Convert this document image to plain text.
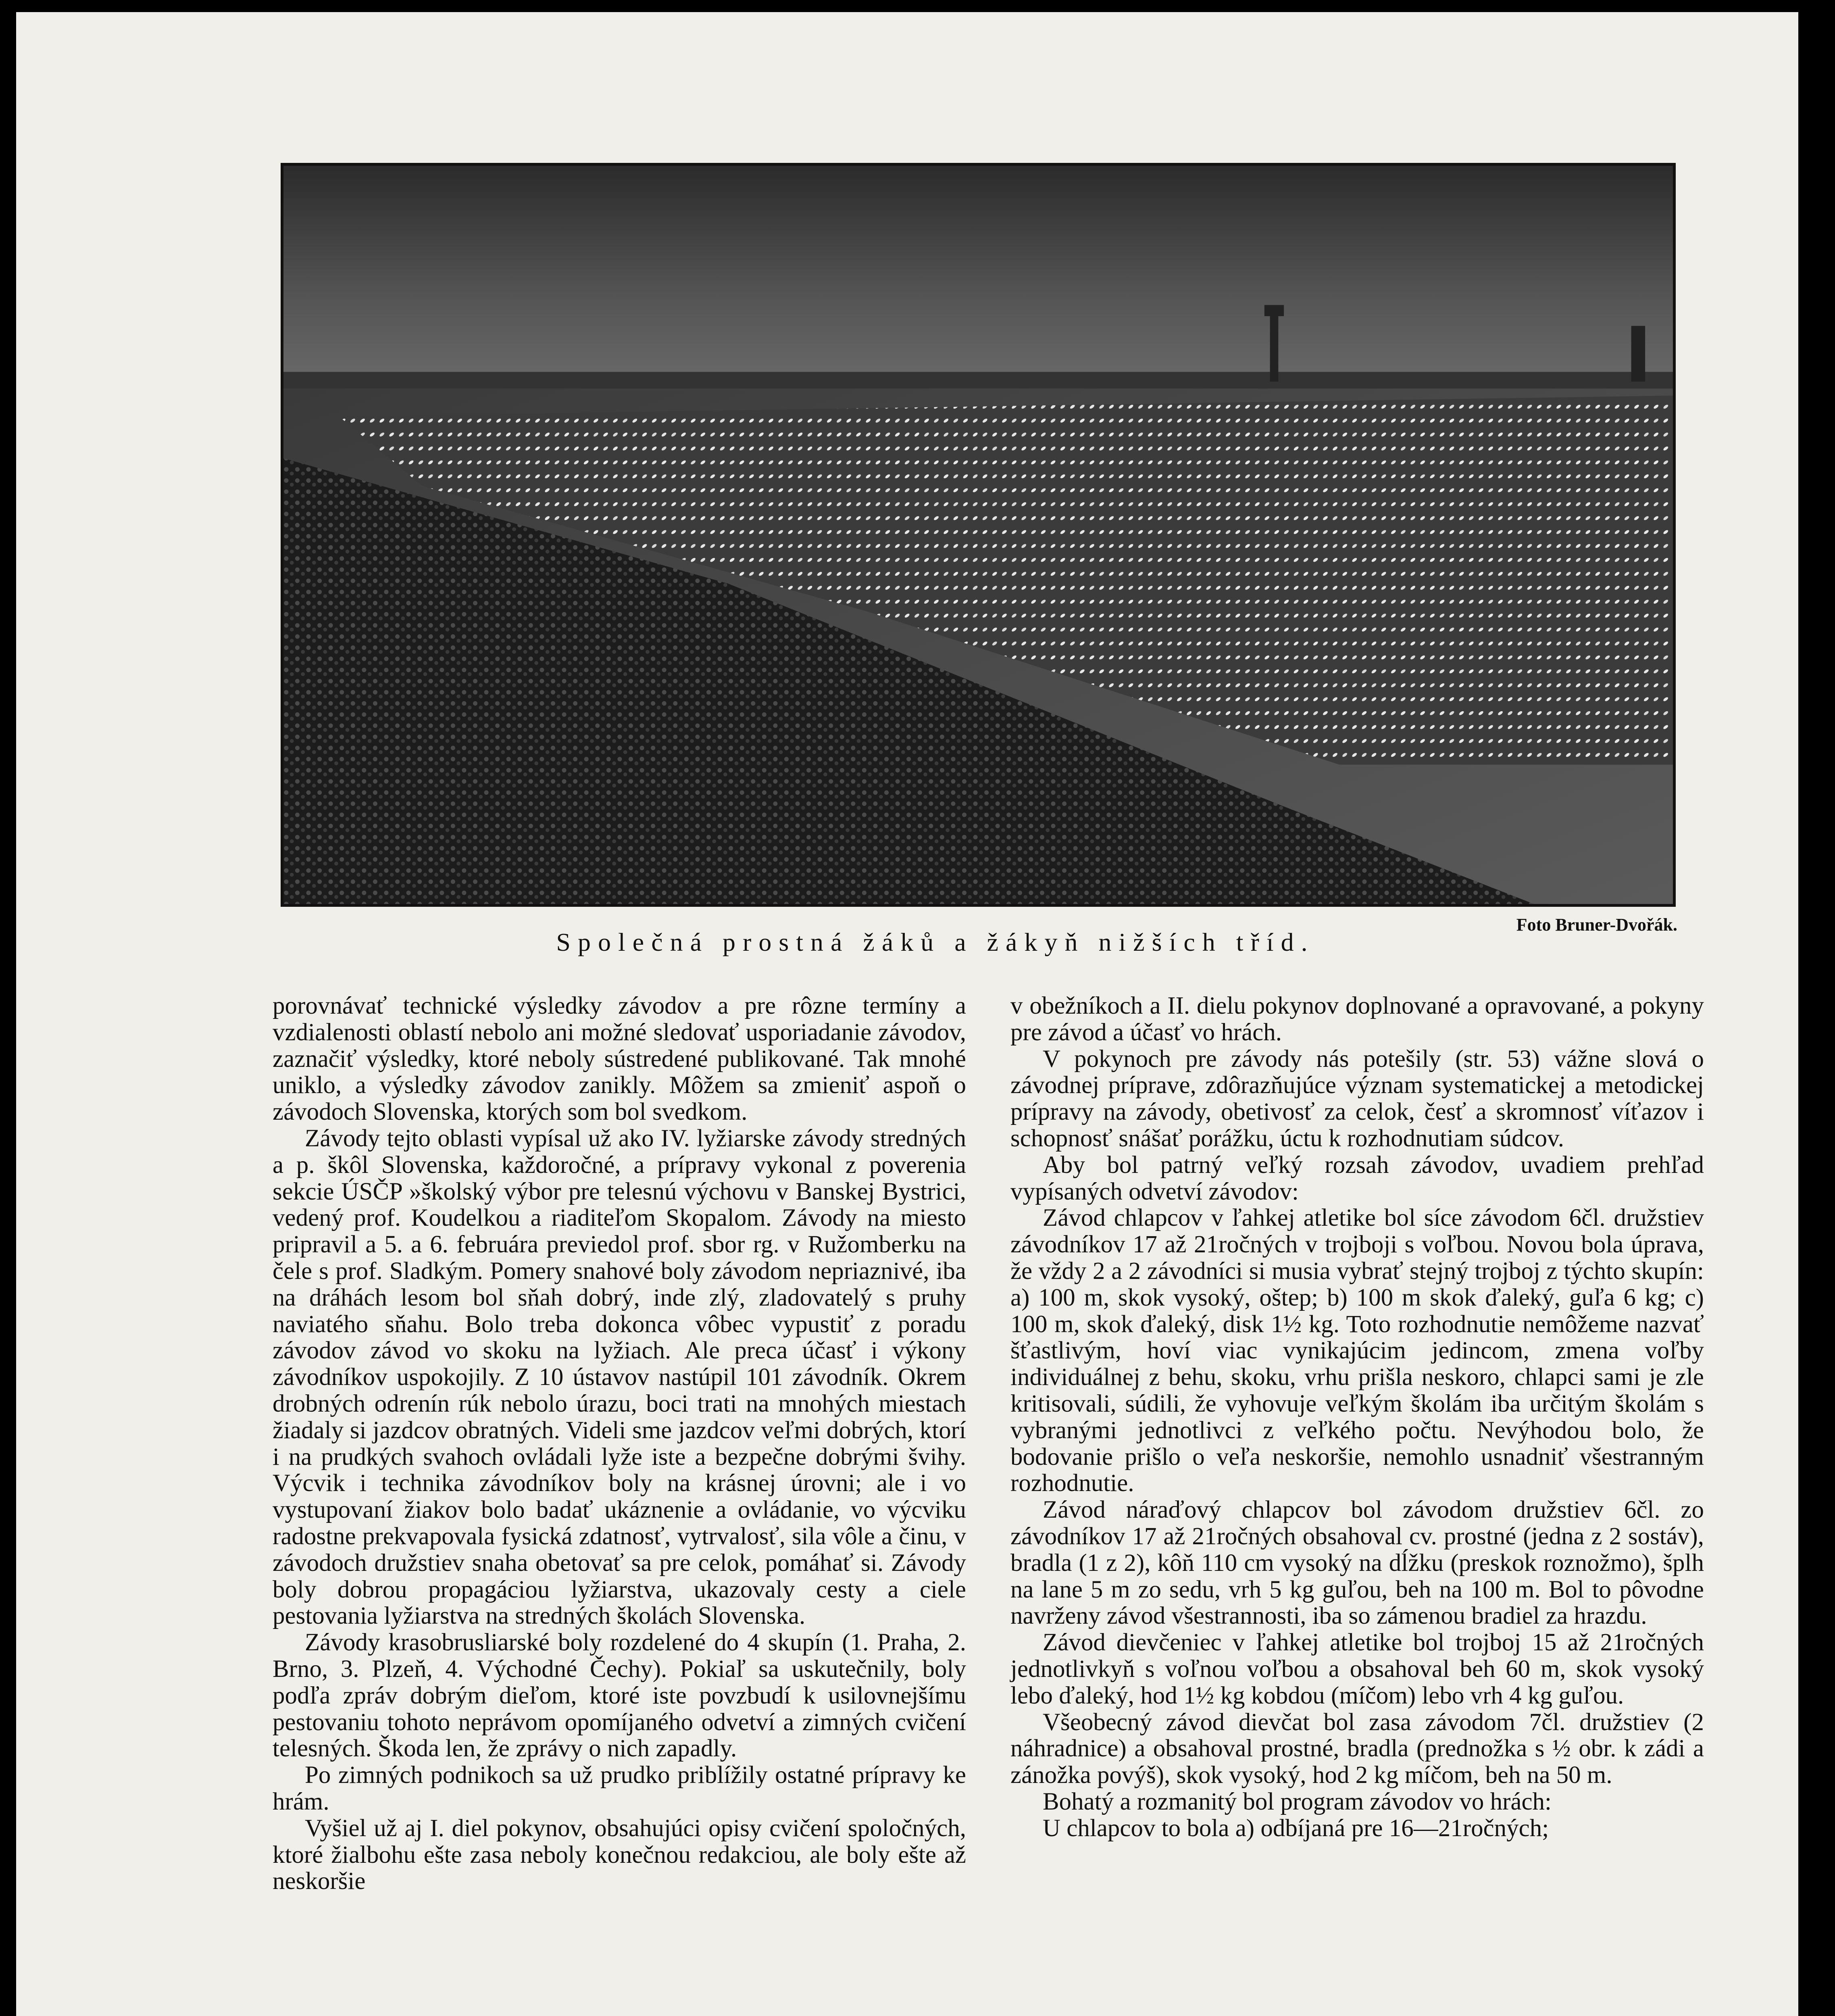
Společná prostná žáků a žákyň nižších tříd.
Foto Bruner-Dvořák.

porovnávať technické výsledky závodov a pre rôzne termíny a vzdialenosti oblastí nebolo ani možné sledovať usporiadanie závodov, zaznačiť výsledky, ktoré neboly sústredené publikované. Tak mnohé uniklo, a výsledky závodov zanikly. Môžem sa zmieniť aspoň o závodoch Slovenska, ktorých som bol svedkom.

Závody tejto oblasti vypísal už ako IV. lyžiarske závody stredných a p. škôl Slovenska, každoročné, a prípravy vykonal z poverenia sekcie ÚSČP »školský výbor pre telesnú výchovu v Banskej Bystrici, vedený prof. Koudelkou a riaditeľom Skopalom. Závody na miesto pripravil a 5. a 6. februára previedol prof. sbor rg. v Ružomberku na čele s prof. Sladkým. Pomery snahové boly závodom nepriaznivé, iba na dráhách lesom bol sňah dobrý, inde zlý, zladovatelý s pruhy naviatého sňahu. Bolo treba dokonca vôbec vypustiť z poradu závodov závod vo skoku na lyžiach. Ale preca účasť i výkony závodníkov uspokojily. Z 10 ústavov nastúpil 101 závodník. Okrem drobných odrenín rúk nebolo úrazu, boci trati na mnohých miestach žiadaly si jazdcov obratných. Videli sme jazdcov veľmi dobrých, ktorí i na prudkých svahoch ovládali lyže iste a bezpečne dobrými švihy. Výcvik i technika závodníkov boly na krásnej úrovni; ale i vo vystupovaní žiakov bolo badať ukáznenie a ovládanie, vo výcviku radostne prekvapovala fysická zdatnosť, vytrvalosť, sila vôle a činu, v závodoch družstiev snaha obetovať sa pre celok, pomáhať si. Závody boly dobrou propagáciou lyžiarstva, ukazovaly cesty a ciele pestovania lyžiarstva na stredných školách Slovenska.

Závody krasobrusliarské boly rozdelené do 4 skupín (1. Praha, 2. Brno, 3. Plzeň, 4. Východné Čechy). Pokiaľ sa uskutečnily, boly podľa zpráv dobrým dieľom, ktoré iste povzbudí k usilovnejšímu pestovaniu tohoto neprávom opomíjaného odvetví a zimných cvičení telesných. Škoda len, že zprávy o nich zapadly.

Po zimných podnikoch sa už prudko priblížily ostatné prípravy ke hrám.

Vyšiel už aj I. diel pokynov, obsahujúci opisy cvičení spoločných, ktoré žialbohu ešte zasa neboly konečnou redakciou, ale boly ešte až neskoršie

v obežníkoch a II. dielu pokynov doplnované a opravované, a pokyny pre závod a účasť vo hrách.

V pokynoch pre závody nás potešily (str. 53) vážne slová o závodnej príprave, zdôrazňujúce význam systematickej a metodickej prípravy na závody, obetivosť za celok, česť a skromnosť víťazov i schopnosť snášať porážku, úctu k rozhodnutiam súdcov.

Aby bol patrný veľký rozsah závodov, uvadiem prehľad vypísaných odvetví závodov:

Závod chlapcov v ľahkej atletike bol síce závodom 6čl. družstiev závodníkov 17 až 21ročných v trojboji s voľbou. Novou bola úprava, že vždy 2 a 2 závodníci si musia vybrať stejný trojboj z týchto skupín: a) 100 m, skok vysoký, oštep; b) 100 m skok ďaleký, guľa 6 kg; c) 100 m, skok ďaleký, disk 1½ kg. Toto rozhodnutie nemôžeme nazvať šťastlivým, hoví viac vynikajúcim jedincom, zmena voľby individuálnej z behu, skoku, vrhu prišla neskoro, chlapci sami je zle kritisovali, súdili, že vyhovuje veľkým školám iba určitým školám s vybranými jednotlivci z veľkého počtu. Nevýhodou bolo, že bodovanie prišlo o veľa neskoršie, nemohlo usnadniť všestranným rozhodnutie.

Závod náraďový chlapcov bol závodom družstiev 6čl. zo závodníkov 17 až 21ročných obsahoval cv. prostné (jedna z 2 sostáv), bradla (1 z 2), kôň 110 cm vysoký na dĺžku (preskok roznožmo), šplh na lane 5 m zo sedu, vrh 5 kg guľou, beh na 100 m. Bol to pôvodne navrženy závod všestrannosti, iba so zámenou bradiel za hrazdu.

Závod dievčeniec v ľahkej atletike bol trojboj 15 až 21ročných jednotlivkyň s voľnou voľbou a obsahoval beh 60 m, skok vysoký lebo ďaleký, hod 1½ kg kobdou (míčom) lebo vrh 4 kg guľou.

Všeobecný závod dievčat bol zasa závodom 7čl. družstiev (2 náhradnice) a obsahoval prostné, bradla (prednožka s ½ obr. k zádi a zánožka povýš), skok vysoký, hod 2 kg míčom, beh na 50 m.

Bohatý a rozmanitý bol program závodov vo hrách:

U chlapcov to bola a) odbíjaná pre 16—21ročných;
